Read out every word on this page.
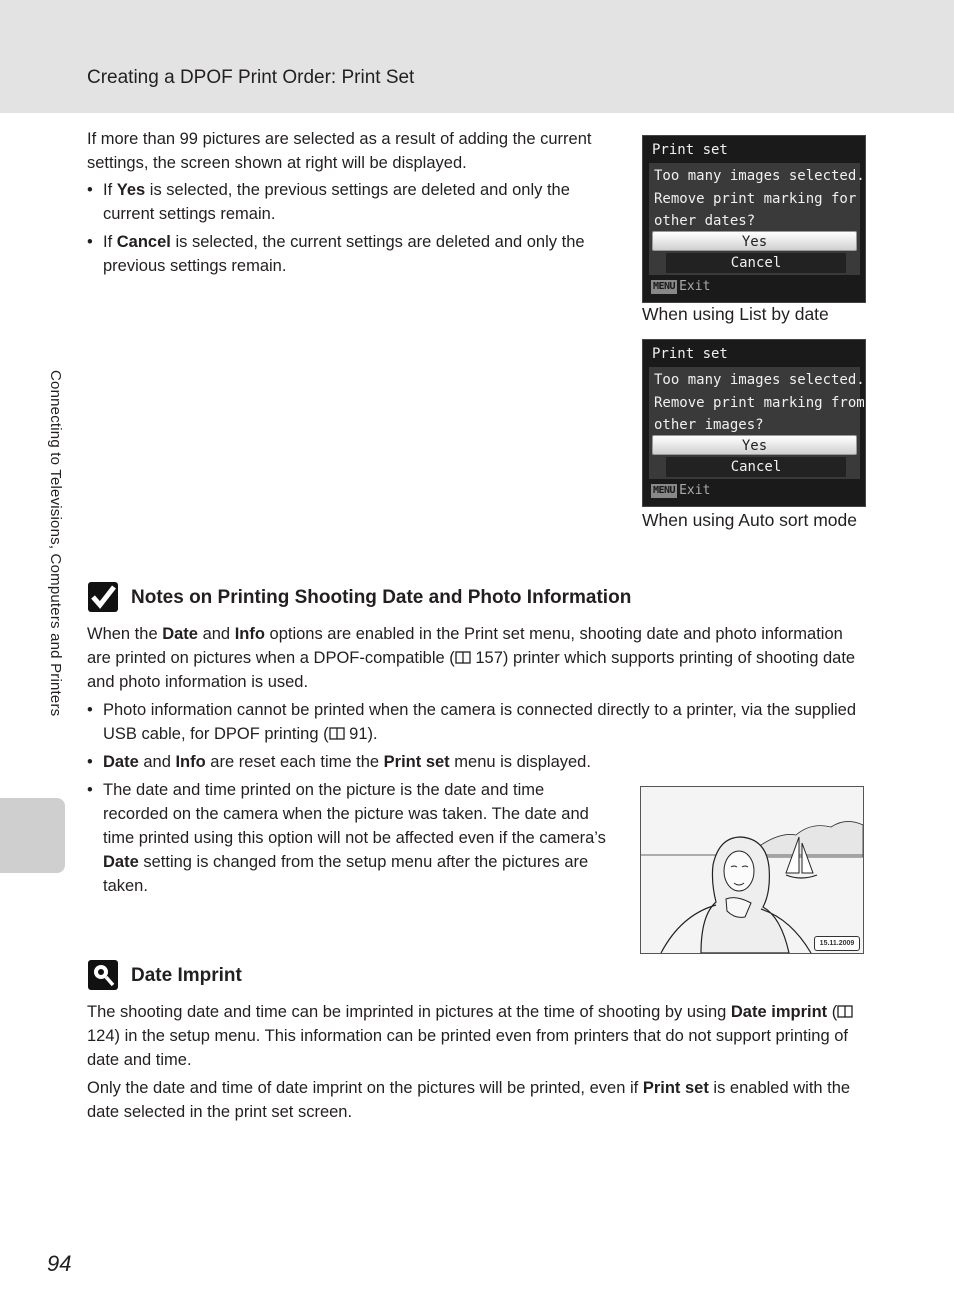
Creating a DPOF Print Order: Print Set
Connecting to Televisions, Computers and Printers

If more than 99 pictures are selected as a result of adding the current settings, the screen shown at right will be displayed.

• If Yes is selected, the previous settings are deleted and only the current settings remain.

• If Cancel is selected, the current settings are deleted and only the previous settings remain.

Print set
Too many images selected.
Remove print marking for
other dates?
Yes
Cancel
MENU Exit
When using List by date
Print set
Too many images selected.
Remove print marking from
other images?
Yes
Cancel
MENU Exit
When using Auto sort mode
Notes on Printing Shooting Date and Photo Information

When the Date and Info options are enabled in the Print set menu, shooting date and photo information are printed on pictures when a DPOF-compatible ( 157) printer which supports printing of shooting date and photo information is used.

• Photo information cannot be printed when the camera is connected directly to a printer, via the supplied USB cable, for DPOF printing ( 91).

• Date and Info are reset each time the Print set menu is displayed.

• The date and time printed on the picture is the date and time recorded on the camera when the picture was taken. The date and time printed using this option will not be affected even if the camera’s Date setting is changed from the setup menu after the pictures are taken.

15.11.2009
Date Imprint

The shooting date and time can be imprinted in pictures at the time of shooting by using Date imprint ( 124) in the setup menu. This information can be printed even from printers that do not support printing of date and time.

Only the date and time of date imprint on the pictures will be printed, even if Print set is enabled with the date selected in the print set screen.

94
